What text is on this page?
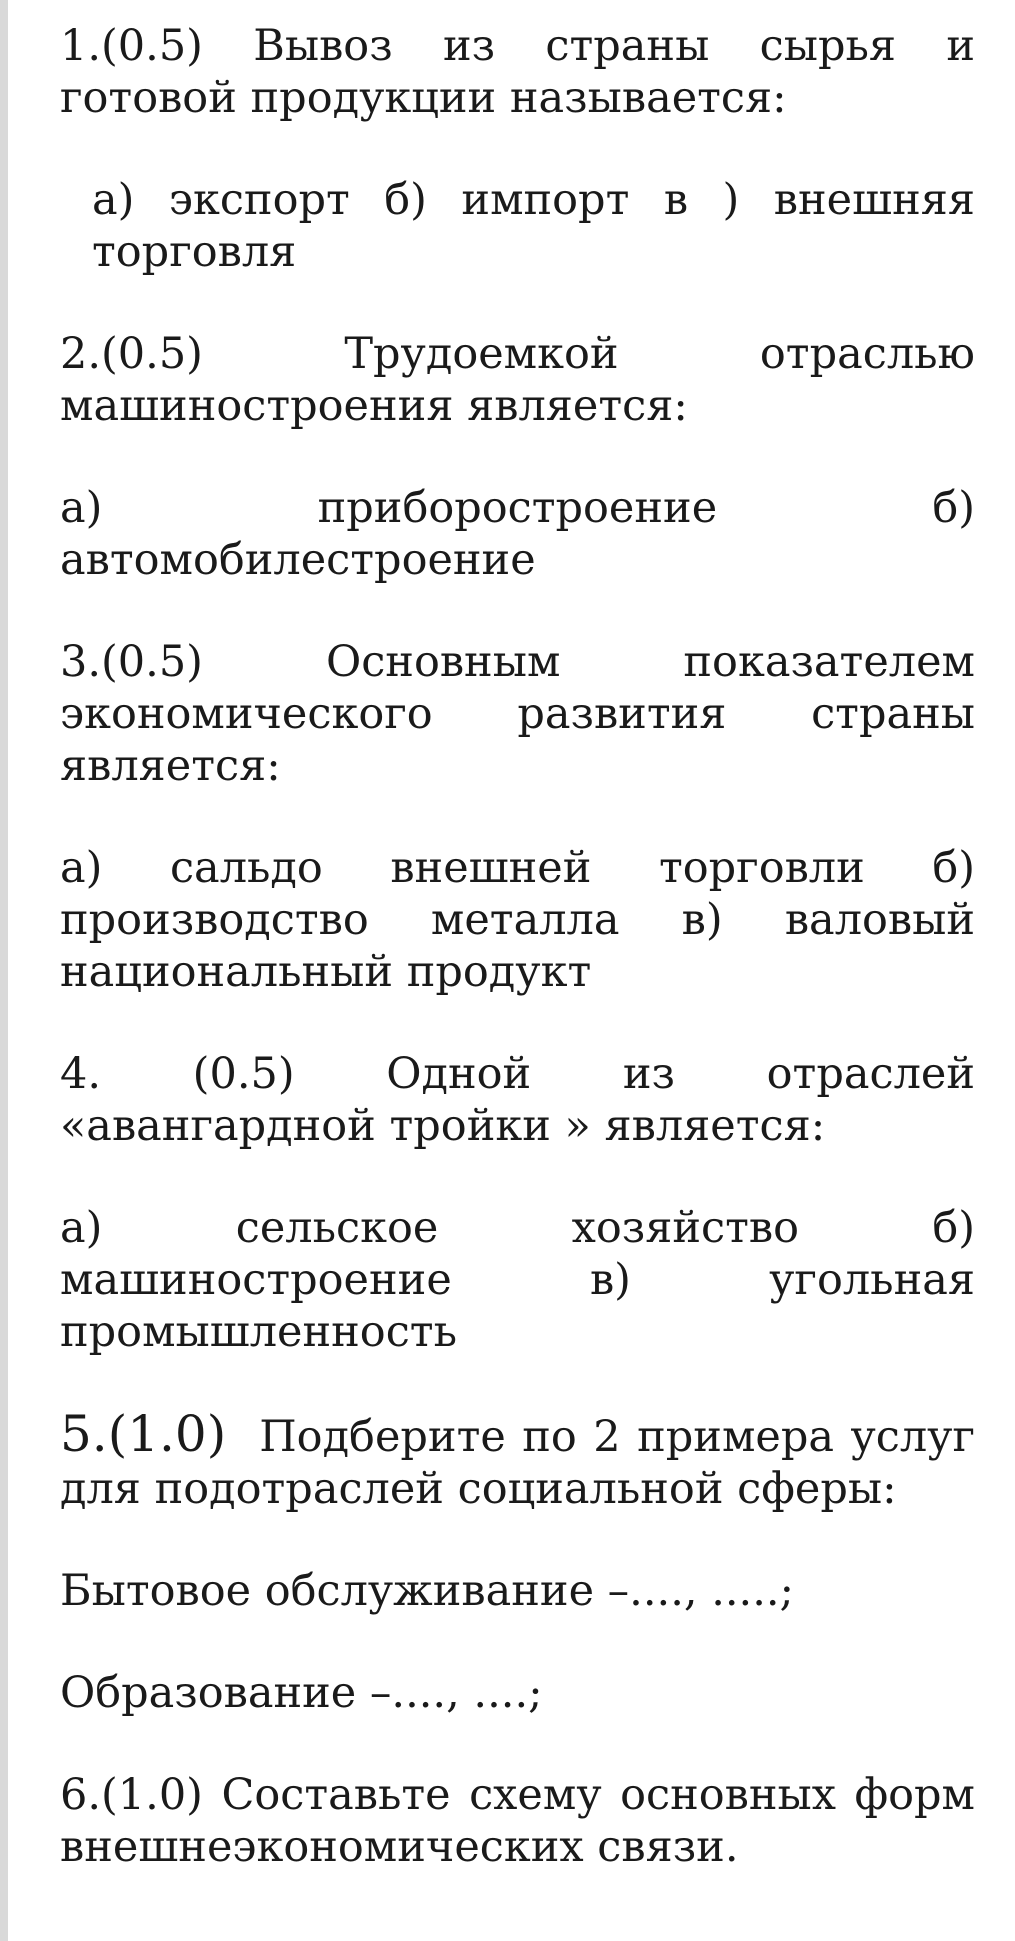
1.(0.5) Вывоз из страны сырья и готовой продукции называется:

а) экспорт б) импорт в ) внешняя торговля

2.(0.5) Трудоемкой отраслью машиностроения является:

а) приборостроение б) автомобилестроение

3.(0.5) Основным показателем экономического развития страны является:

а) сальдо внешней торговли б) производство металла в) валовый национальный продукт

4. (0.5) Одной из отраслей «авангардной тройки » является:

а) сельское хозяйство б) машиностроение в) угольная промышленность

5.(1.0) Подберите по 2 примера услуг для подотраслей социальной сферы:

Бытовое обслуживание –...., .....;

Образование –...., ....;

6.(1.0) Составьте схему основных форм внешнеэкономических связи.
